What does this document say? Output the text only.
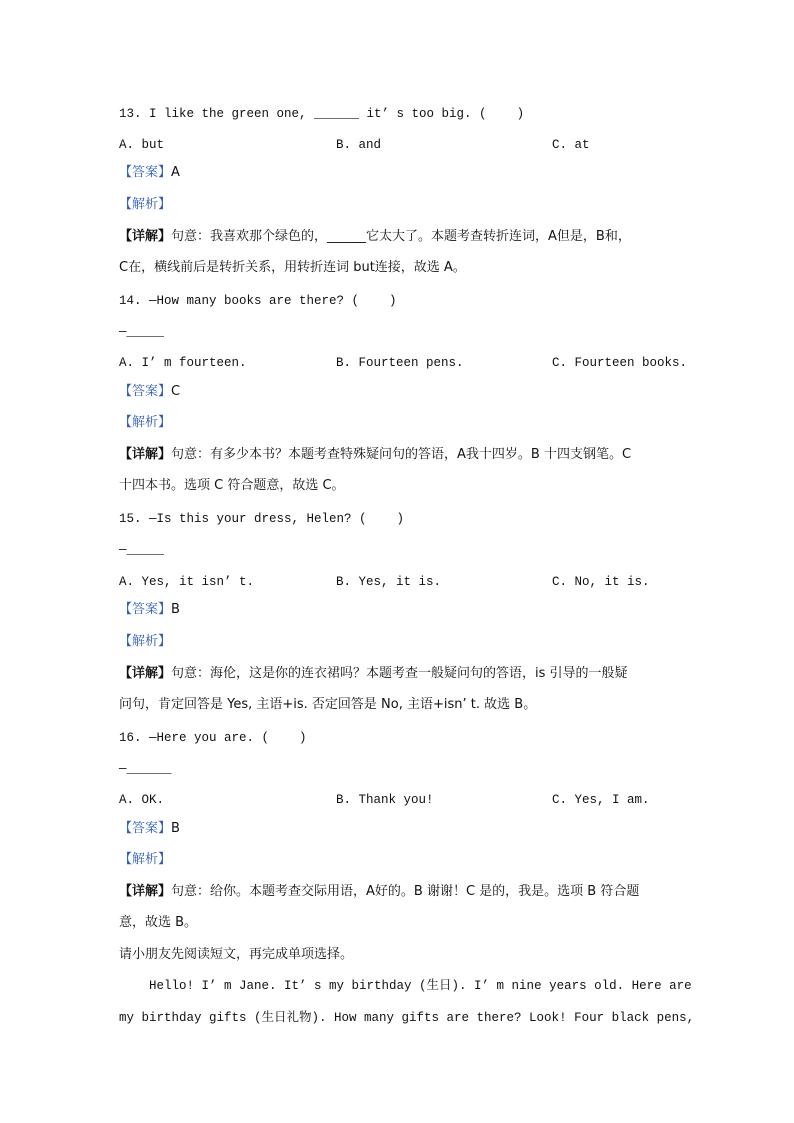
13. I like the green one, ______ it’ s too big. (    )
A. but	B. and	C. at
【答案】A
【解析】
【详解】句意：我喜欢那个绿色的，______它太大了。本题考查转折连词，A但是，B和，
C在，横线前后是转折关系，用转折连词 but连接，故选 A。
14. —How many books are there? (    )
—_____
A. I’ m fourteen.	B. Fourteen pens.	C. Fourteen books.
【答案】C
【解析】
【详解】句意：有多少本书？本题考查特殊疑问句的答语，A我十四岁。B 十四支钢笔。C
十四本书。选项 C 符合题意，故选 C。
15. —Is this your dress, Helen? (    )
—_____
A. Yes, it isn’ t.	B. Yes, it is.	C. No, it is.
【答案】B
【解析】
【详解】句意：海伦，这是你的连衣裙吗？本题考查一般疑问句的答语，is 引导的一般疑
问句，肯定回答是 Yes, 主语+is. 否定回答是 No, 主语+isn’ t. 故选 B。
16. —Here you are. (    )
—______
A. OK.	B. Thank you!	C. Yes, I am.
【答案】B
【解析】
【详解】句意：给你。本题考查交际用语，A好的。B 谢谢！C 是的，我是。选项 B 符合题
意，故选 B。
请小朋友先阅读短文，再完成单项选择。
Hello! I’ m Jane. It’ s my birthday (生日). I’ m nine years old. Here are
my birthday gifts (生日礼物). How many gifts are there? Look! Four black pens,
